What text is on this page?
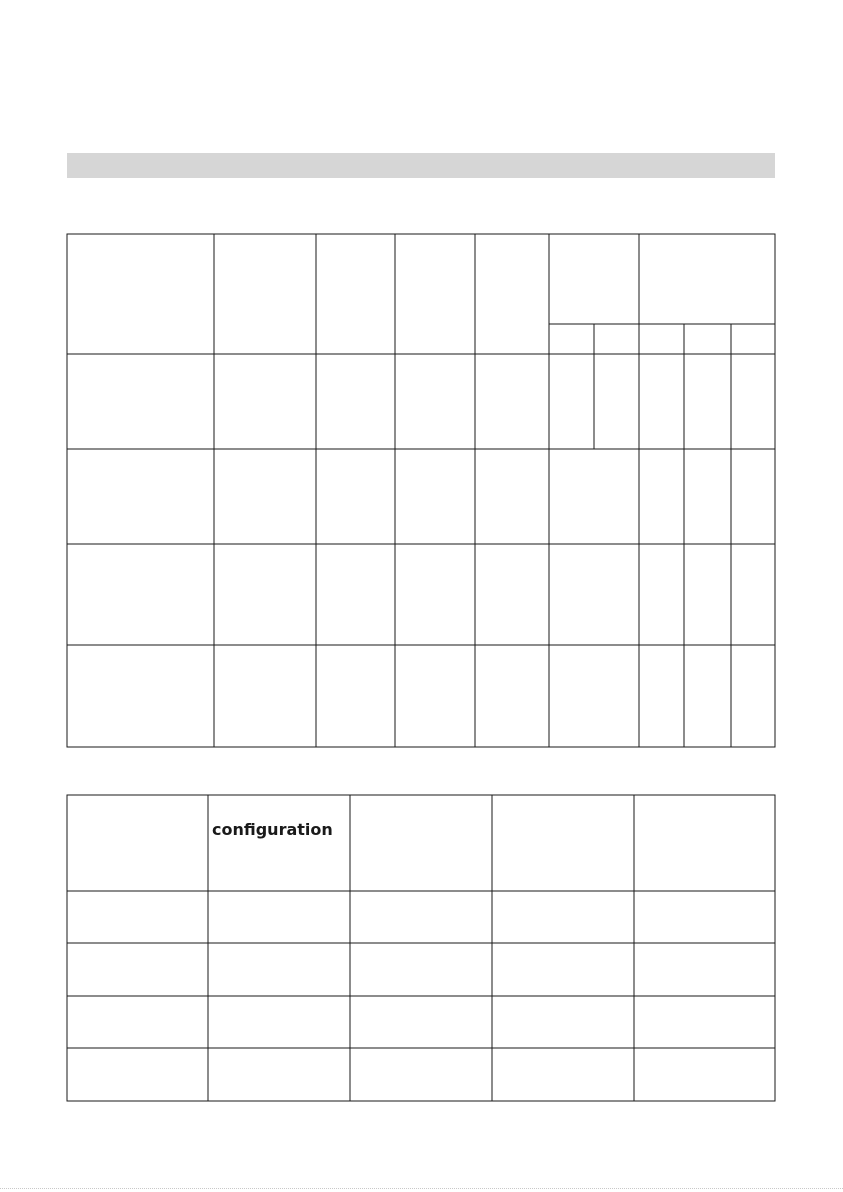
configuration
